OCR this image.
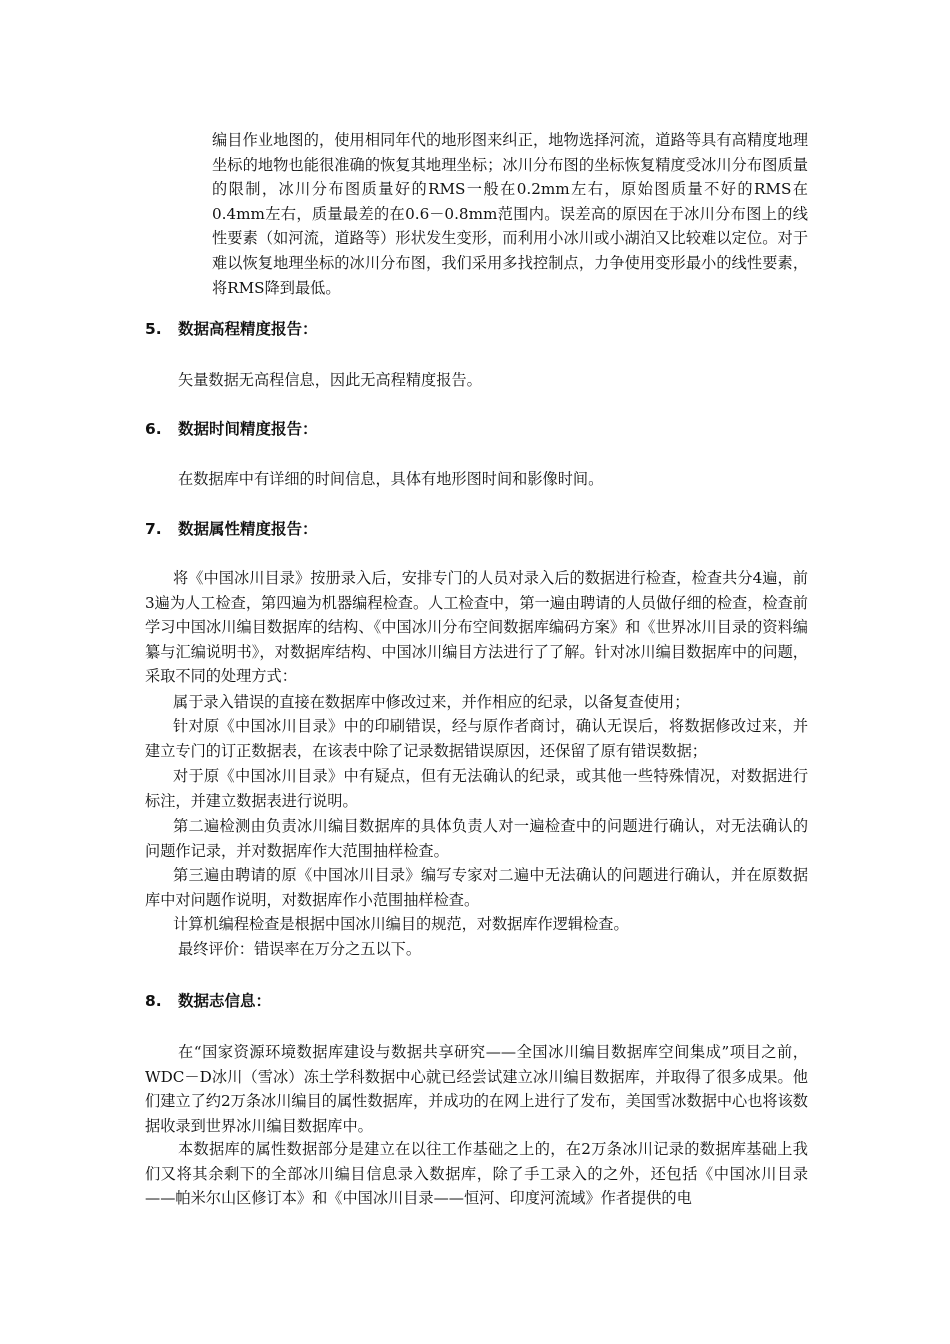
编目作业地图的，使用相同年代的地形图来纠正，地物选择河流，道路等具有高精度地理坐标的地物也能很准确的恢复其地理坐标；冰川分布图的坐标恢复精度受冰川分布图质量的限制，冰川分布图质量好的RMS一般在0.2mm左右，原始图质量不好的RMS在0.4mm左右，质量最差的在0.6－0.8mm范围内。误差高的原因在于冰川分布图上的线性要素（如河流，道路等）形状发生变形，而利用小冰川或小湖泊又比较难以定位。对于难以恢复地理坐标的冰川分布图，我们采用多找控制点，力争使用变形最小的线性要素，将RMS降到最低。

5. 数据高程精度报告：

矢量数据无高程信息，因此无高程精度报告。

6. 数据时间精度报告：

在数据库中有详细的时间信息，具体有地形图时间和影像时间。

7. 数据属性精度报告：

将《中国冰川目录》按册录入后，安排专门的人员对录入后的数据进行检查，检查共分4遍，前3遍为人工检查，第四遍为机器编程检查。人工检查中，第一遍由聘请的人员做仔细的检查，检查前学习中国冰川编目数据库的结构、《中国冰川分布空间数据库编码方案》和《世界冰川目录的资料编纂与汇编说明书》，对数据库结构、中国冰川编目方法进行了了解。针对冰川编目数据库中的问题，采取不同的处理方式：

属于录入错误的直接在数据库中修改过来，并作相应的纪录，以备复查使用；

针对原《中国冰川目录》中的印刷错误，经与原作者商讨，确认无误后，将数据修改过来，并建立专门的订正数据表，在该表中除了记录数据错误原因，还保留了原有错误数据；

对于原《中国冰川目录》中有疑点，但有无法确认的纪录，或其他一些特殊情况，对数据进行标注，并建立数据表进行说明。

第二遍检测由负责冰川编目数据库的具体负责人对一遍检查中的问题进行确认，对无法确认的问题作记录，并对数据库作大范围抽样检查。

第三遍由聘请的原《中国冰川目录》编写专家对二遍中无法确认的问题进行确认，并在原数据库中对问题作说明，对数据库作小范围抽样检查。

计算机编程检查是根据中国冰川编目的规范，对数据库作逻辑检查。

最终评价：错误率在万分之五以下。

8. 数据志信息：

在“国家资源环境数据库建设与数据共享研究——全国冰川编目数据库空间集成”项目之前，WDC－D冰川（雪冰）冻土学科数据中心就已经尝试建立冰川编目数据库，并取得了很多成果。他们建立了约2万条冰川编目的属性数据库，并成功的在网上进行了发布，美国雪冰数据中心也将该数据收录到世界冰川编目数据库中。

本数据库的属性数据部分是建立在以往工作基础之上的，在2万条冰川记录的数据库基础上我们又将其余剩下的全部冰川编目信息录入数据库，除了手工录入的之外，还包括《中国冰川目录——帕米尔山区修订本》和《中国冰川目录——恒河、印度河流域》作者提供的电
